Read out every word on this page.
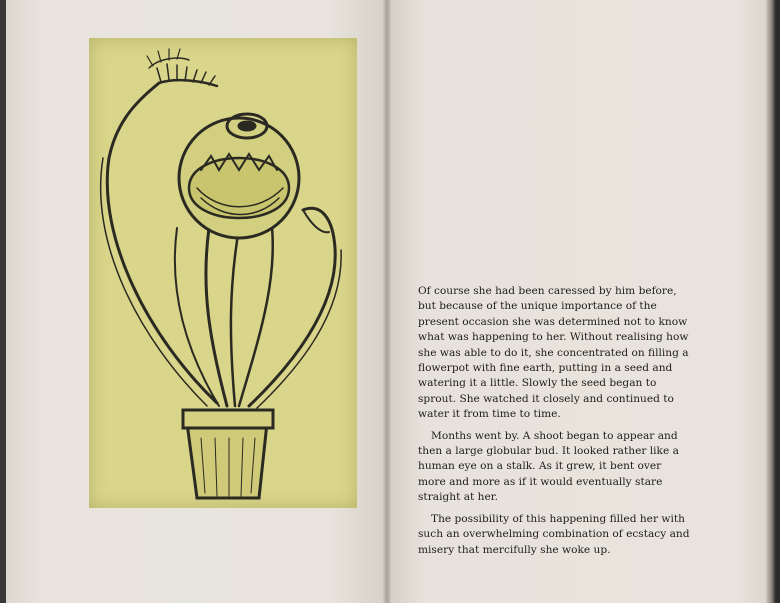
Of course she had been caressed by him before, but because of the unique importance of the present occasion she was determined not to know what was happening to her. Without realising how she was able to do it, she concentrated on filling a flowerpot with fine earth, putting in a seed and watering it a little. Slowly the seed began to sprout. She watched it closely and continued to water it from time to time.

Months went by. A shoot began to appear and then a large globular bud. It looked rather like a human eye on a stalk. As it grew, it bent over more and more as if it would eventually stare straight at her.

The possibility of this happening filled her with such an overwhelming combination of ecstacy and misery that mercifully she woke up.
